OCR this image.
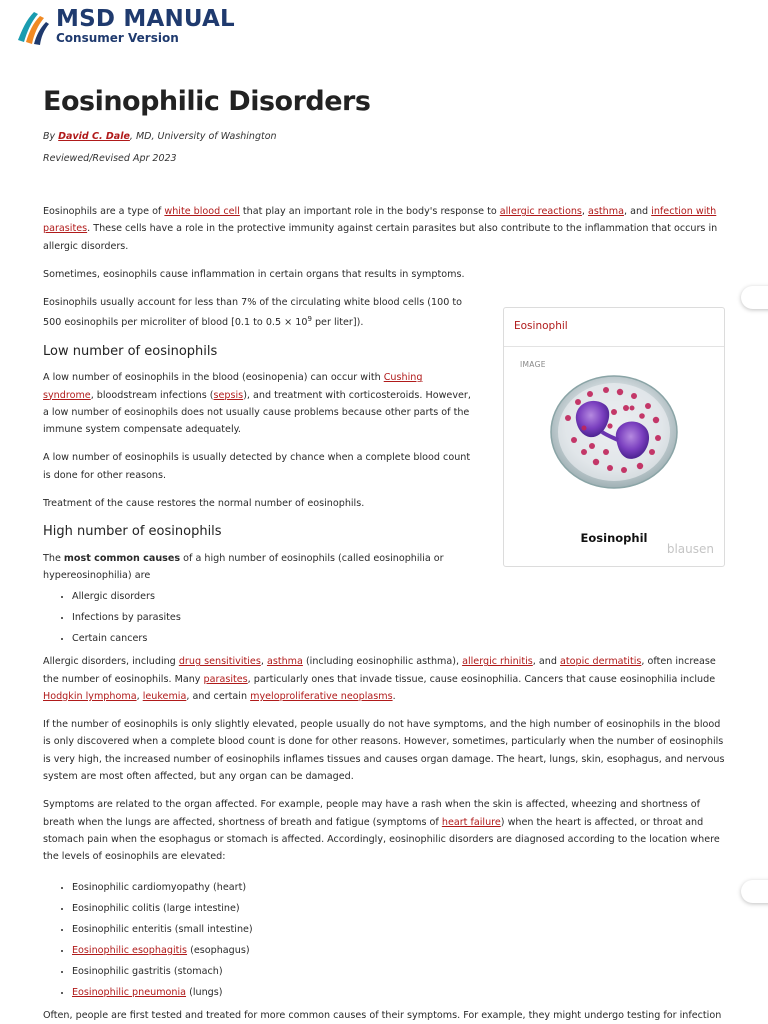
MSD MANUAL
Consumer Version
Eosinophilic Disorders
By David C. Dale, MD, University of Washington
Reviewed/Revised Apr 2023

Eosinophils are a type of white blood cell that play an important role in the body's response to allergic reactions, asthma, and infection with parasites. These cells have a role in the protective immunity against certain parasites but also contribute to the inflammation that occurs in allergic disorders.

Sometimes, eosinophils cause inflammation in certain organs that results in symptoms.

Eosinophils usually account for less than 7% of the circulating white blood cells (100 to 500 eosinophils per microliter of blood [0.1 to $0.5 \times 10^9$ per liter]).

Low number of eosinophils

A low number of eosinophils in the blood (eosinopenia) can occur with Cushing syndrome, bloodstream infections (sepsis), and treatment with corticosteroids. However, a low number of eosinophils does not usually cause problems because other parts of the immune system compensate adequately.

A low number of eosinophils is usually detected by chance when a complete blood count is done for other reasons.

Treatment of the cause restores the normal number of eosinophils.

High number of eosinophils

The most common causes of a high number of eosinophils (called eosinophilia or hypereosinophilia) are

• Allergic disorders
• Infections by parasites
• Certain cancers

Allergic disorders, including drug sensitivities, asthma (including eosinophilic asthma), allergic rhinitis, and atopic dermatitis, often increase the number of eosinophils. Many parasites, particularly ones that invade tissue, cause eosinophilia. Cancers that cause eosinophilia include Hodgkin lymphoma, leukemia, and certain myeloproliferative neoplasms.

If the number of eosinophils is only slightly elevated, people usually do not have symptoms, and the high number of eosinophils in the blood is only discovered when a complete blood count is done for other reasons. However, sometimes, particularly when the number of eosinophils is very high, the increased number of eosinophils inflames tissues and causes organ damage. The heart, lungs, skin, esophagus, and nervous system are most often affected, but any organ can be damaged.

Symptoms are related to the organ affected. For example, people may have a rash when the skin is affected, wheezing and shortness of breath when the lungs are affected, shortness of breath and fatigue (symptoms of heart failure) when the heart is affected, or throat and stomach pain when the esophagus or stomach is affected. Accordingly, eosinophilic disorders are diagnosed according to the location where the levels of eosinophils are elevated:

• Eosinophilic cardiomyopathy (heart)
• Eosinophilic colitis (large intestine)
• Eosinophilic enteritis (small intestine)
• Eosinophilic esophagitis (esophagus)
• Eosinophilic gastritis (stomach)
• Eosinophilic pneumonia (lungs)

Often, people are first tested and treated for more common causes of their symptoms. For example, they might undergo testing for infection

Eosinophil
IMAGE
Eosinophil
blausen
